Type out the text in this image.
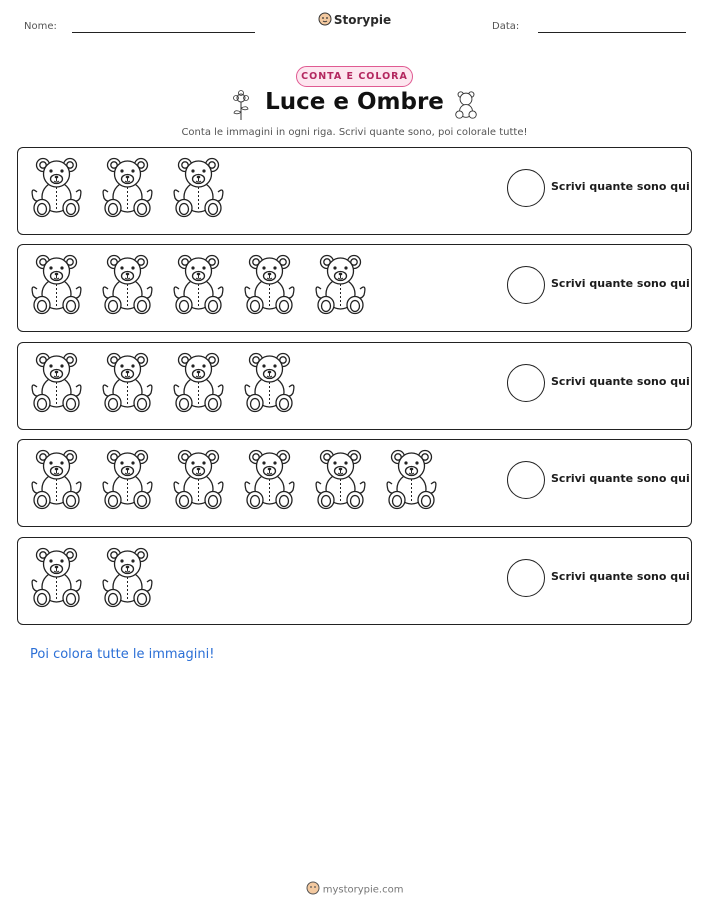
Nome:	Storypie	Data:
CONTA E COLORA
Luce e Ombre
Conta le immagini in ogni riga. Scrivi quante sono, poi colorale tutte!
Scrivi quante sono qui
Scrivi quante sono qui
Scrivi quante sono qui
Scrivi quante sono qui
Scrivi quante sono qui
Poi colora tutte le immagini!
mystorypie.com
